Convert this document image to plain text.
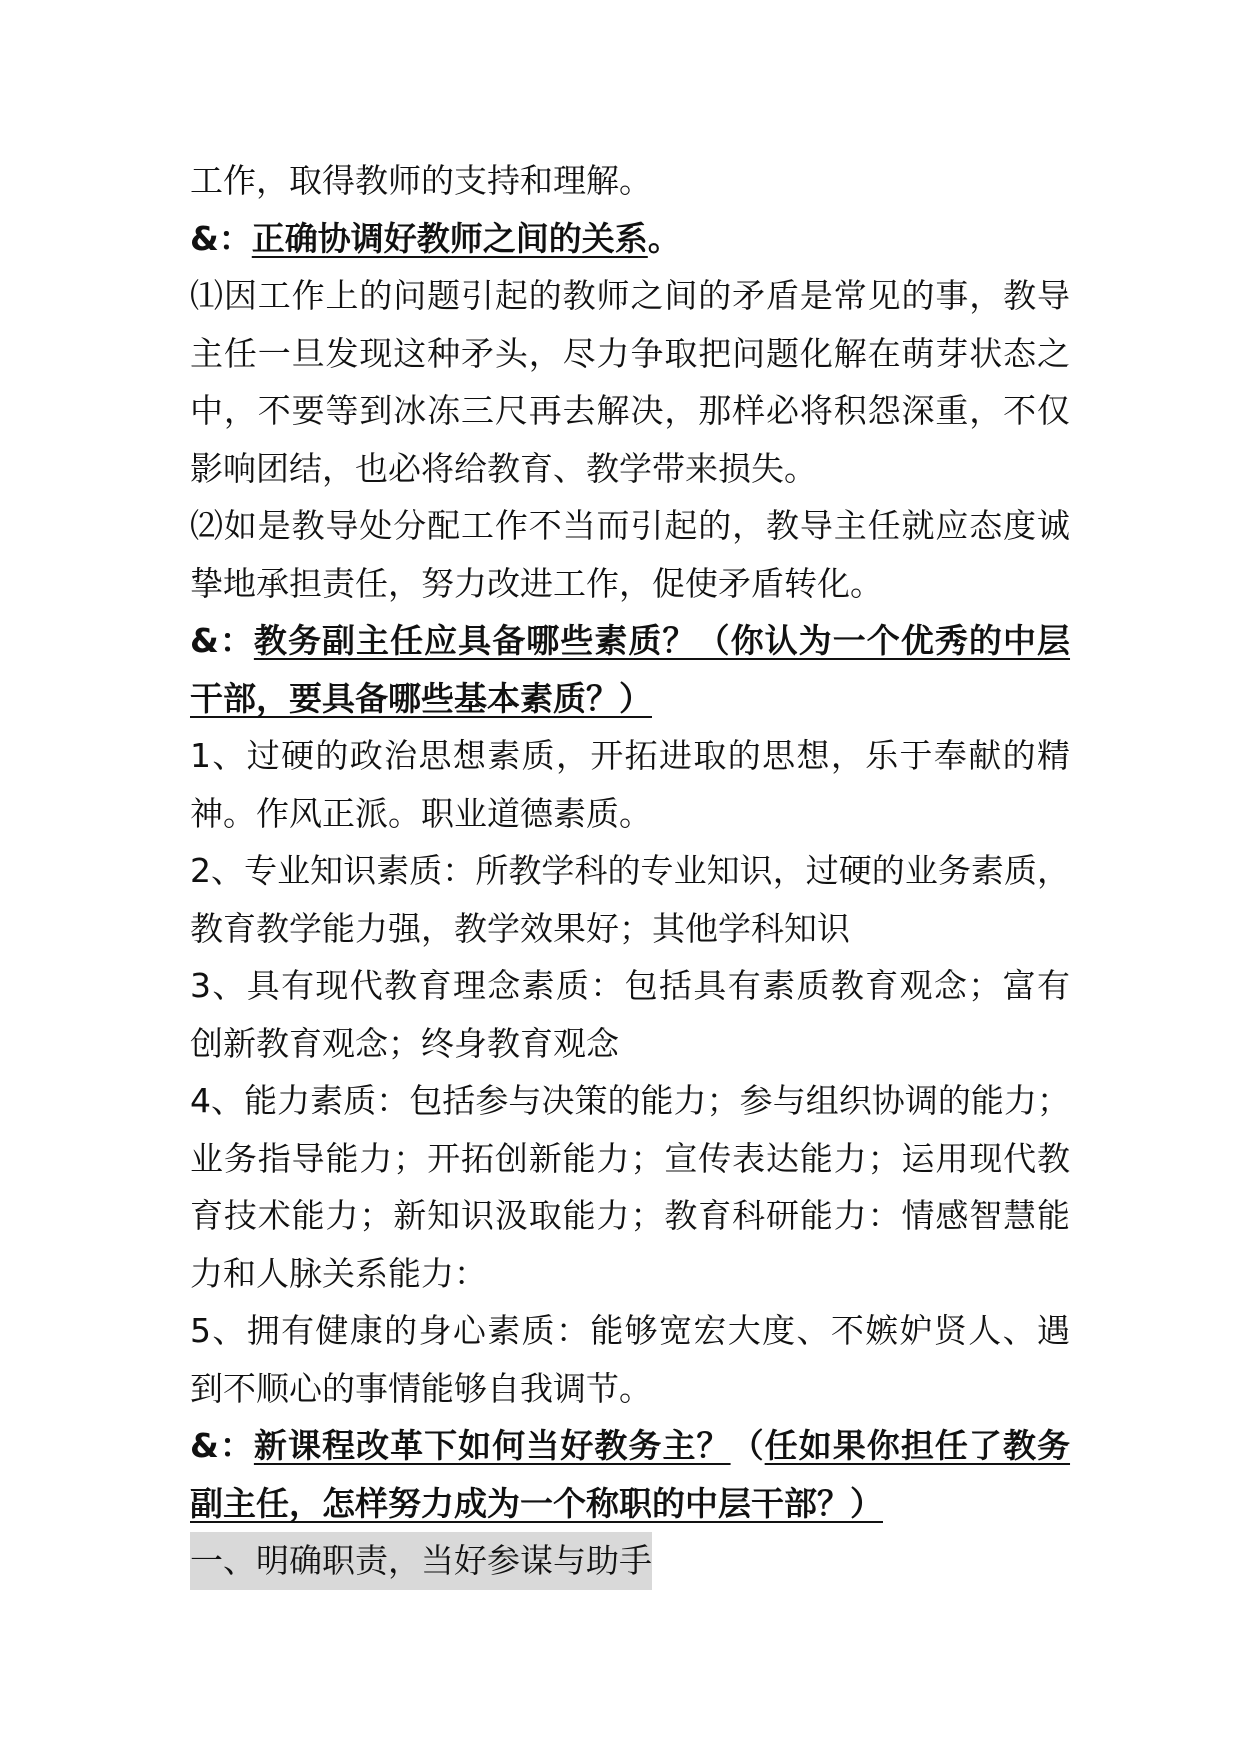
工作，取得教师的支持和理解。
&：正确协调好教师之间的关系。
⑴因工作上的问题引起的教师之间的矛盾是常见的事，教导
主任一旦发现这种矛头，尽力争取把问题化解在萌芽状态之
中，不要等到冰冻三尺再去解决，那样必将积怨深重，不仅
影响团结，也必将给教育、教学带来损失。
⑵如是教导处分配工作不当而引起的，教导主任就应态度诚
挚地承担责任，努力改进工作，促使矛盾转化。
&：教务副主任应具备哪些素质？（你认为一个优秀的中层
干部，要具备哪些基本素质？）
1、过硬的政治思想素质，开拓进取的思想，乐于奉献的精
神。作风正派。职业道德素质。
2、专业知识素质：所教学科的专业知识，过硬的业务素质，
教育教学能力强，教学效果好；其他学科知识
3、具有现代教育理念素质：包括具有素质教育观念；富有
创新教育观念；终身教育观念
4、能力素质：包括参与决策的能力；参与组织协调的能力；
业务指导能力；开拓创新能力；宣传表达能力；运用现代教
育技术能力；新知识汲取能力；教育科研能力：情感智慧能
力和人脉关系能力：
5、拥有健康的身心素质：能够宽宏大度、不嫉妒贤人、遇
到不顺心的事情能够自我调节。
&：新课程改革下如何当好教务主？（任如果你担任了教务
副主任，怎样努力成为一个称职的中层干部？）
一、明确职责，当好参谋与助手
